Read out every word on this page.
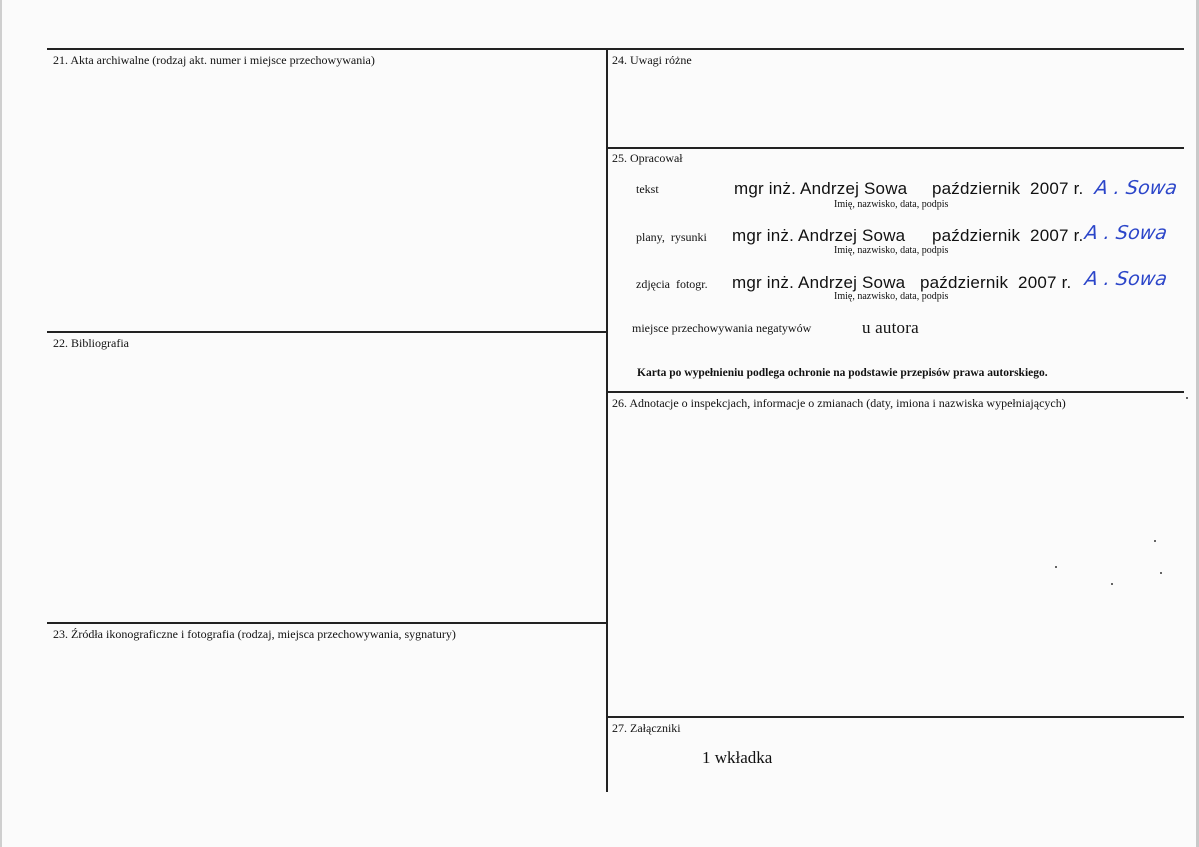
21. Akta archiwalne (rodzaj akt. numer i miejsce przechowywania)
22. Bibliografia
23. Źródła ikonograficzne i fotografia (rodzaj, miejsca przechowywania, sygnatury)
24. Uwagi różne
25. Opracował
26. Adnotacje o inspekcjach, informacje o zmianach (daty, imiona i nazwiska wypełniających)
27. Załączniki
tekst	mgr inż. Andrzej Sowa październik  2007 r. A . Sowa
Imię, nazwisko, data, podpis
plany,  rysunki mgr inż. Andrzej Sowa październik  2007 r. A . Sowa
Imię, nazwisko, data, podpis
zdjęcia  fotogr. mgr inż. Andrzej Sowa październik  2007 r. A . Sowa
Imię, nazwisko, data, podpis
miejsce przechowywania negatywów	u autora
Karta po wypełnieniu podlega ochronie na podstawie przepisów prawa autorskiego.
1 wkładka
